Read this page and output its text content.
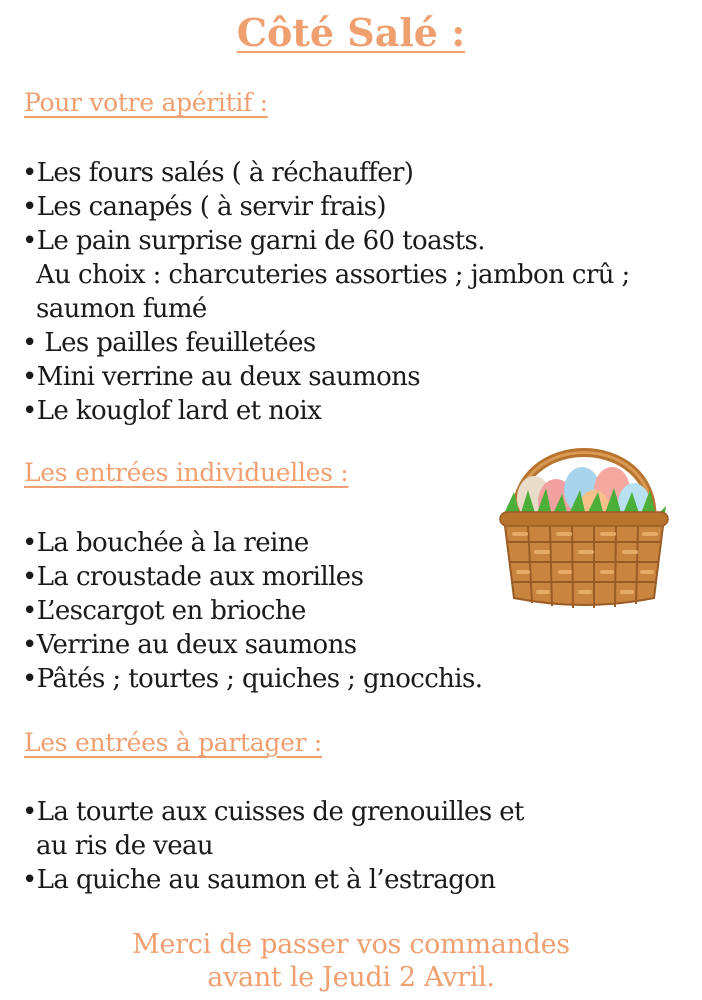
Côté Salé :
Pour votre apéritif :
•Les fours salés ( à réchauffer)
•Les canapés ( à servir frais)
•Le pain surprise garni de 60 toasts.
Au choix : charcuteries assorties ; jambon crû ;
saumon fumé
• Les pailles feuilletées
•Mini verrine au deux saumons
•Le kouglof lard et noix
Les entrées individuelles :
•La bouchée à la reine
•La croustade aux morilles
•L’escargot en brioche
•Verrine au deux saumons
•Pâtés ; tourtes ; quiches ; gnocchis.
Les entrées à partager :
•La tourte aux cuisses de grenouilles et
au ris de veau
•La quiche au saumon et à l’estragon
Merci de passer vos commandes
avant le Jeudi 2 Avril.
